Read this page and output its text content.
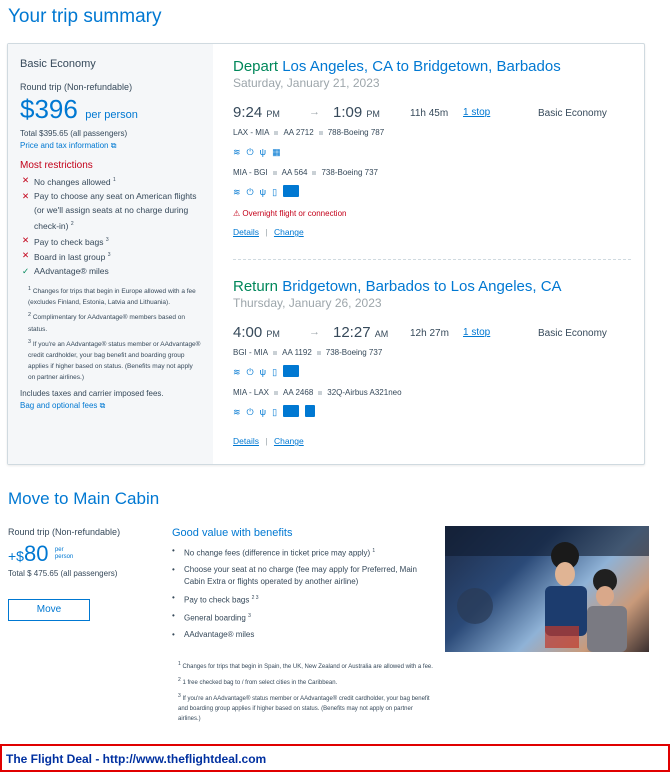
Your trip summary
Basic Economy
Round trip (Non-refundable)
$396 per person
Total $395.65 (all passengers)
Price and tax information ⧉
Most restrictions
✕ No changes allowed $^1$
✕ Pay to choose any seat on American flights (or we'll assign seats at no charge during check-in) $^2$
✕ Pay to check bags $^3$
✕ Board in last group $^3$
✓ AAdvantage® miles
$^1$ Changes for trips that begin in Europe allowed with a fee (excludes Finland, Estonia, Latvia and Lithuania).
$^2$ Complimentary for AAdvantage® members based on status.
$^3$ If you're an AAdvantage® status member or AAdvantage® credit cardholder, your bag benefit and boarding group applies if higher based on status. (Benefits may not apply on partner airlines.)
Includes taxes and carrier imposed fees.
Bag and optional fees ⧉
Depart Los Angeles, CA to Bridgetown, Barbados
Saturday, January 21, 2023
9:24 PM	→ 1:09 PM	11h 45m 1 stop	Basic Economy
LAX - MIA AA 2712 788-Boeing 787
≋ ⏻ ψ ▦
MIA - BGI AA 564 738-Boeing 737
≋ ⏻ ψ ▯ TV
⚠ Overnight flight or connection
Details | Change
Return Bridgetown, Barbados to Los Angeles, CA
Thursday, January 26, 2023
4:00 PM	→ 12:27 AM 12h 27m 1 stop	Basic Economy
BGI - MIA AA 1192 738-Boeing 737
≋ ⏻ ψ ▯ TV
MIA - LAX AA 2468 32Q-Airbus A321neo
≋ ⏻ ψ ▯ TV ♫
Details | Change
Move to Main Cabin
Round trip (Non-refundable)
+$80 per
person
Total $ 475.65 (all passengers)
Move
Good value with benefits
• No change fees (difference in ticket price may apply) $^1$
• Choose your seat at no charge (fee may apply for Preferred, Main Cabin Extra or flights operated by another airline)
• Pay to check bags $^{2 3}$
• General boarding $^3$
• AAdvantage® miles
$^1$ Changes for trips that begin in Spain, the UK, New Zealand or Australia are allowed with a fee.
$^2$ 1 free checked bag to / from select cities in the Caribbean.
$^3$ If you're an AAdvantage® status member or AAdvantage® credit cardholder, your bag benefit and boarding group applies if higher based on status. (Benefits may not apply on partner airlines.)
The Flight Deal - http://www.theflightdeal.com
